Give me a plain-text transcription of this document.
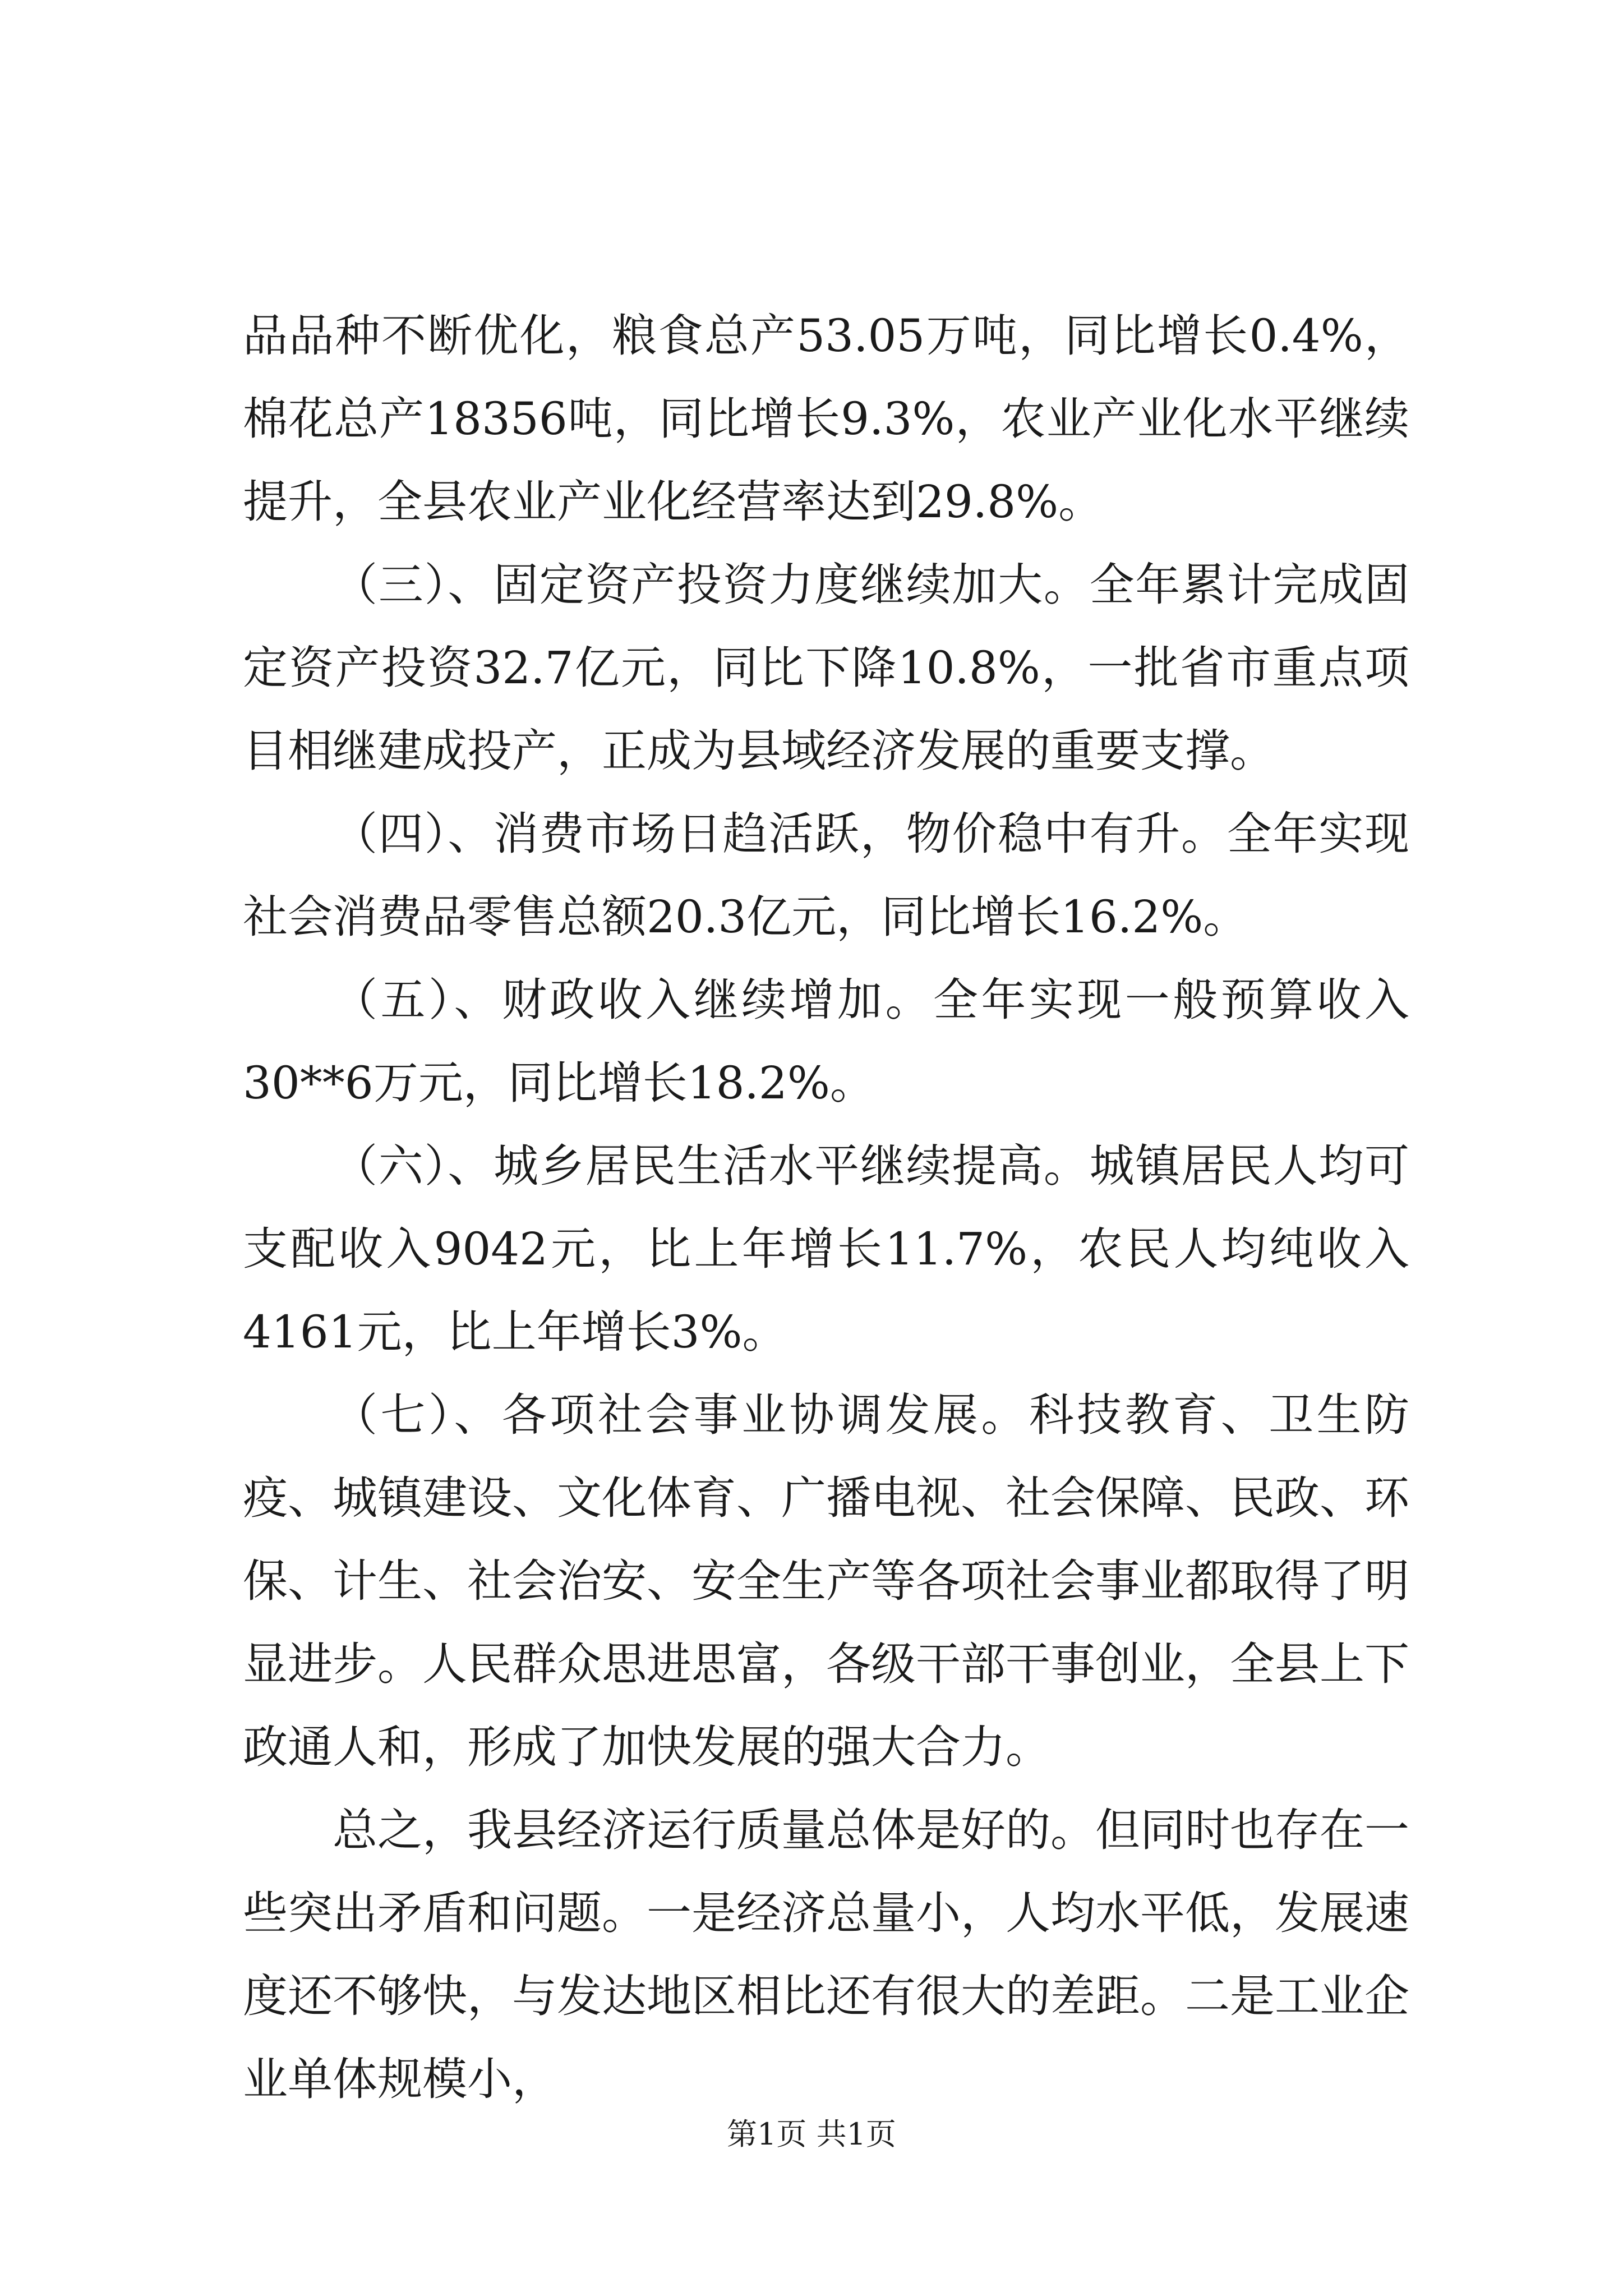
品品种不断优化，粮食总产53.05万吨，同比增长0.4%，棉花总产18356吨，同比增长9.3%，农业产业化水平继续提升，全县农业产业化经营率达到29.8%。

（三）、固定资产投资力度继续加大。全年累计完成固定资产投资32.7亿元，同比下降10.8%，一批省市重点项目相继建成投产，正成为县域经济发展的重要支撑。

（四）、消费市场日趋活跃，物价稳中有升。全年实现社会消费品零售总额20.3亿元，同比增长16.2%。

（五）、财政收入继续增加。全年实现一般预算收入30**6万元，同比增长18.2%。

（六）、城乡居民生活水平继续提高。城镇居民人均可支配收入9042元，比上年增长11.7%，农民人均纯收入4161元，比上年增长3%。

（七）、各项社会事业协调发展。科技教育、卫生防疫、城镇建设、文化体育、广播电视、社会保障、民政、环保、计生、社会治安、安全生产等各项社会事业都取得了明显进步。人民群众思进思富，各级干部干事创业，全县上下政通人和，形成了加快发展的强大合力。

总之，我县经济运行质量总体是好的。但同时也存在一些突出矛盾和问题。一是经济总量小，人均水平低，发展速度还不够快，与发达地区相比还有很大的差距。二是工业企业单体规模小，

第1页 共1页
